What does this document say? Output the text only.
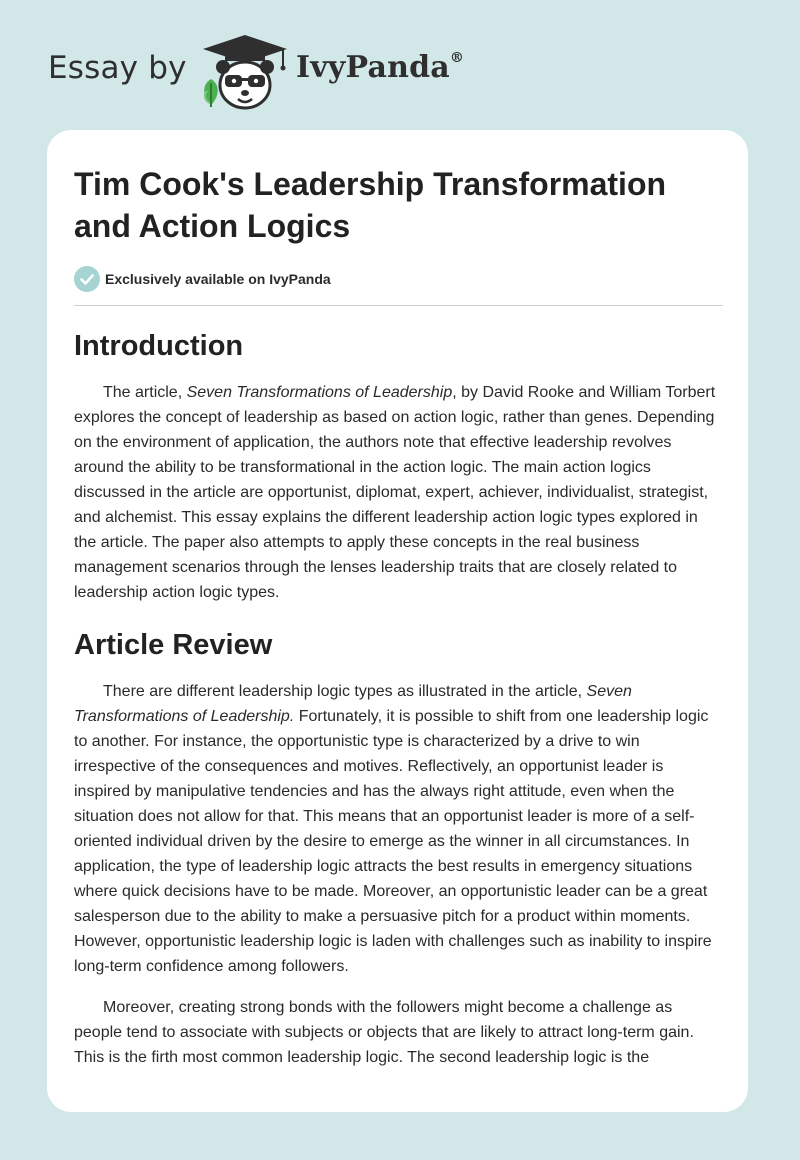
Essay by	IvyPanda®
Tim Cook's Leadership Transformation and Action Logics
Exclusively available on IvyPanda
Introduction

The article, Seven Transformations of Leadership, by David Rooke and William Torbert explores the concept of leadership as based on action logic, rather than genes. Depending on the environment of application, the authors note that effective leadership revolves around the ability to be transformational in the action logic. The main action logics discussed in the article are opportunist, diplomat, expert, achiever, individualist, strategist, and alchemist. This essay explains the different leadership action logic types explored in the article. The paper also attempts to apply these concepts in the real business management scenarios through the lenses leadership traits that are closely related to leadership action logic types.

Article Review

There are different leadership logic types as illustrated in the article, Seven Transformations of Leadership. Fortunately, it is possible to shift from one leadership logic to another. For instance, the opportunistic type is characterized by a drive to win irrespective of the consequences and motives. Reflectively, an opportunist leader is inspired by manipulative tendencies and has the always right attitude, even when the situation does not allow for that. This means that an opportunist leader is more of a self-oriented individual driven by the desire to emerge as the winner in all circumstances. In application, the type of leadership logic attracts the best results in emergency situations where quick decisions have to be made. Moreover, an opportunistic leader can be a great salesperson due to the ability to make a persuasive pitch for a product within moments. However, opportunistic leadership logic is laden with challenges such as inability to inspire long-term confidence among followers.

Moreover, creating strong bonds with the followers might become a challenge as people tend to associate with subjects or objects that are likely to attract long-term gain. This is the firth most common leadership logic. The second leadership logic is the
